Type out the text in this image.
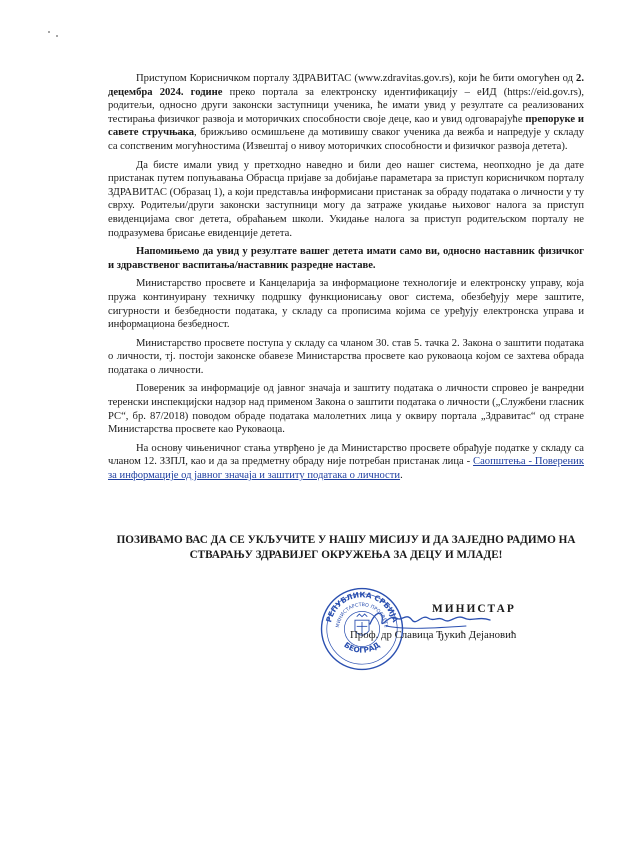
Приступом Корисничком порталу ЗДРАВИТАС (www.zdravitas.gov.rs), који ће бити омогућен од 2. децембра 2024. године преко портала за електронску идентификацију – еИД (https://eid.gov.rs), родитељи, односно други законски заступници ученика, ће имати увид у резултате са реализованих тестирања физичког развоја и моторичких способности своје деце, као и увид одговарајуће препоруке и савете стручњака, брижљиво осмишљене да мотивишу сваког ученика да вежба и напредује у складу са сопственим могућностима (Извештај о нивоу моторичких способности и физичког развоја детета).

Да бисте имали увид у претходно наведно и били део нашег система, неопходно је да дате пристанак путем попуњавања Обрасца пријаве за добијање параметара за приступ корисничком порталу ЗДРАВИТАС (Образац 1), а који представља информисани пристанак за обраду података о личности у ту сврху. Родитељи/други законски заступници могу да затраже укидање њиховог налога за приступ евиденцијама свог детета, обраћањем школи. Укидање налога за приступ родитељском порталу не подразумева брисање евиденције детета.

Напомињемо да увид у резултате вашег детета имати само ви, односно наставник физичког и здравственог васпитања/наставник разредне наставе.

Министарство просвете и Канцеларија за информационе технологије и електронску управу, која пружа континуирану техничку подршку функционисању овог система, обезбеђују мере заштите, сигурности и безбедности података, у складу са прописима којима се уређују електронска управа и информациона безбедност.

Министарство просвете поступа у складу са чланом 30. став 5. тачка 2. Закона о заштити података о личности, тј. постоји законске обавезе Министарства просвете као руковаоца којом се захтева обрада података о личности.

Повереник за информације од јавног значаја и заштиту података о личности спровео је ванредни теренски инспекцијски надзор над применом Закона о заштити података о личности („Службени гласник РС“, бр. 87/2018) поводом обраде података малолетних лица у оквиру портала „Здравитас“ од стране Министарства просвете као Руковаоца.

На основу чињеничног стања утврђено је да Министарство просвете обрађује податке у складу са чланом 12. ЗЗПЛ, као и да за предметну обраду није потребан пристанак лица - Саопштења - Повереник за информације од јавног значаја и заштиту података о личности.

ПОЗИВАМО ВАС ДА СЕ УКЉУЧИТЕ У НАШУ МИСИЈУ И ДА ЗАЈЕДНО РАДИМО НА СТВАРАЊУ ЗДРАВИЈЕГ ОКРУЖЕЊА ЗА ДЕЦУ И МЛАДЕ!
РЕПУБЛИКА СРБИЈА
МИНИСТАРСТВО ПРОСВЕТЕ
БЕОГРАД
МИНИСТАР
Проф. др Славица Ђукић Дејановић
